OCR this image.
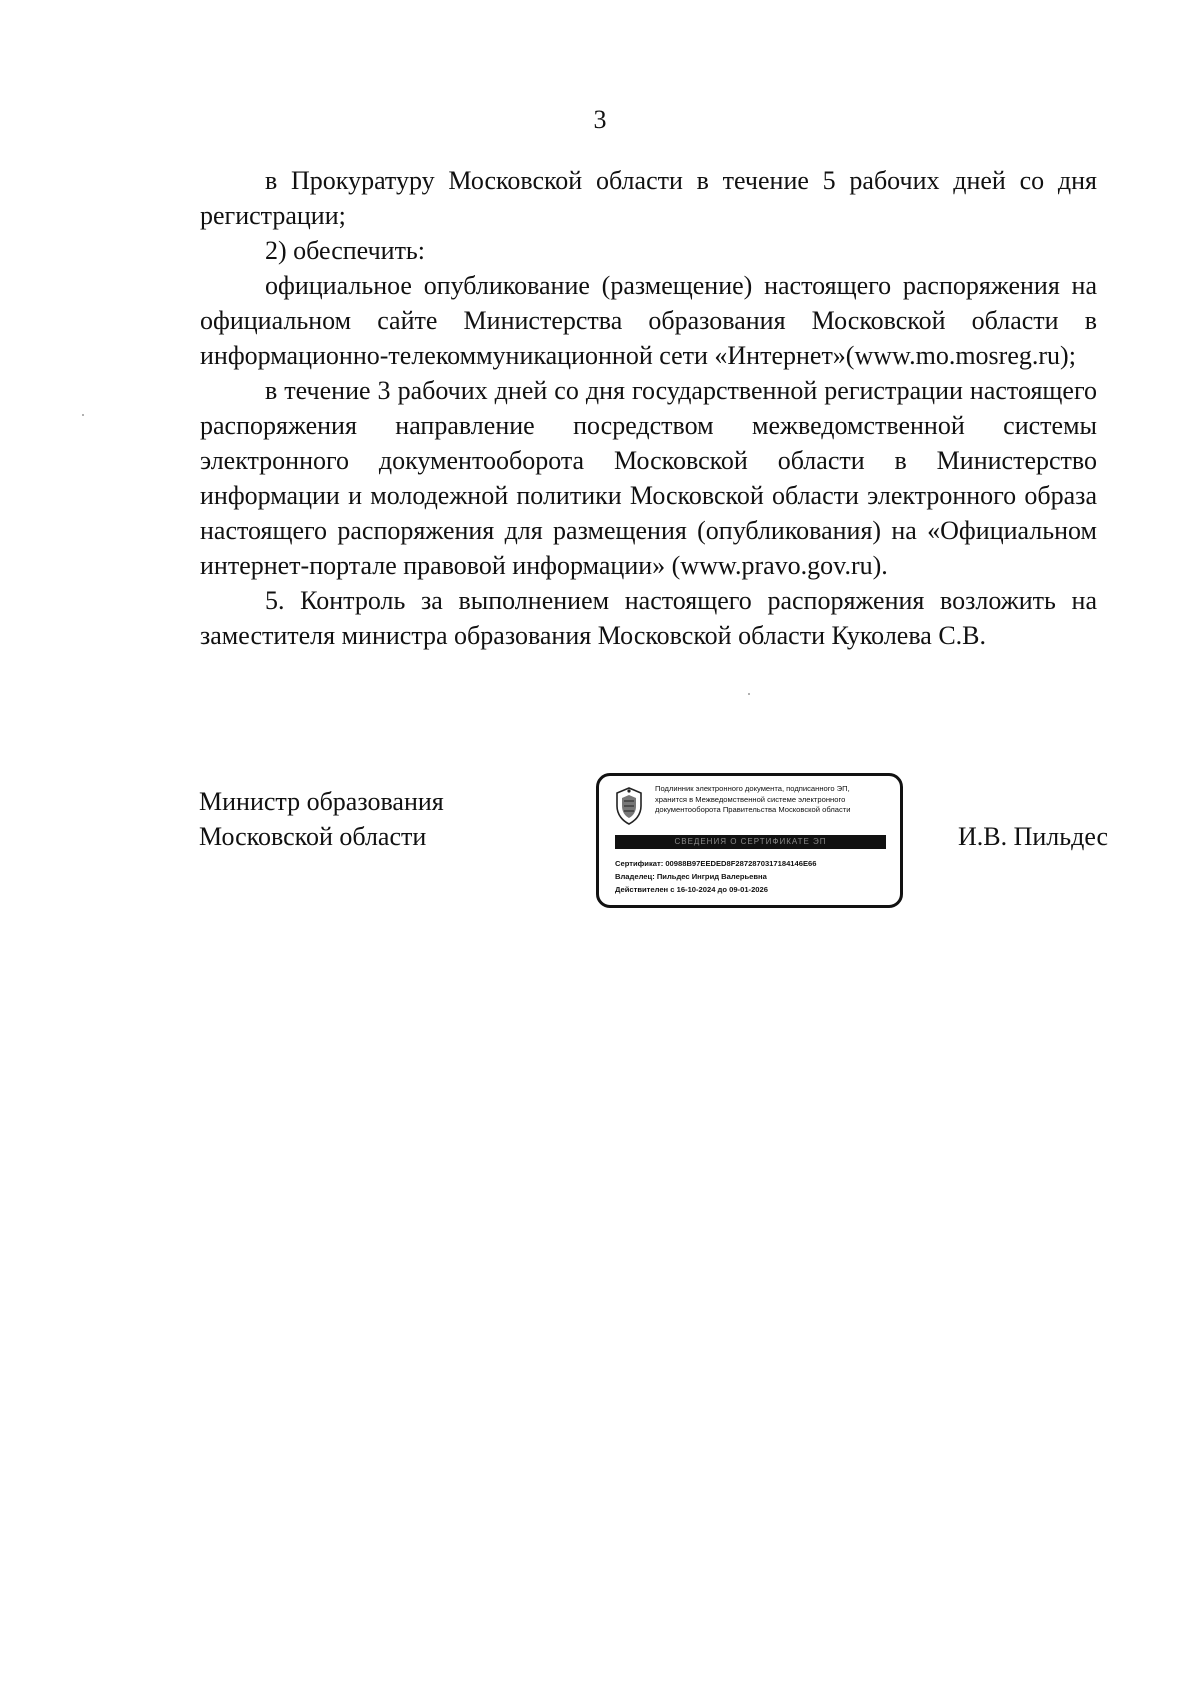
3

в Прокуратуру Московской области в течение 5 рабочих дней со дня регистрации;

2) обеспечить:

официальное опубликование (размещение) настоящего распоряжения на официальном сайте Министерства образования Московской области в информационно-телекоммуникационной сети «Интернет»(www.mo.mosreg.ru);

в течение 3 рабочих дней со дня государственной регистрации настоящего распоряжения направление посредством межведомственной системы электронного документооборота Московской области в Министерство информации и молодежной политики Московской области электронного образа настоящего распоряжения для размещения (опубликования) на «Официальном интернет-портале правовой информации» (www.pravo.gov.ru).

5. Контроль за выполнением настоящего распоряжения возложить на заместителя министра образования Московской области Куколева С.В.

Министр образования
Московской области
Подлинник электронного документа, подписанного ЭП,
хранится в Межведомственной системе электронного
документооборота Правительства Московской области
СВЕДЕНИЯ О СЕРТИФИКАТЕ ЭП
Сертификат: 00988B97EEDED8F2872870317184146E66
Владелец: Пильдес Ингрид Валерьевна
Действителен с 16-10-2024 до 09-01-2026
И.В. Пильдес
